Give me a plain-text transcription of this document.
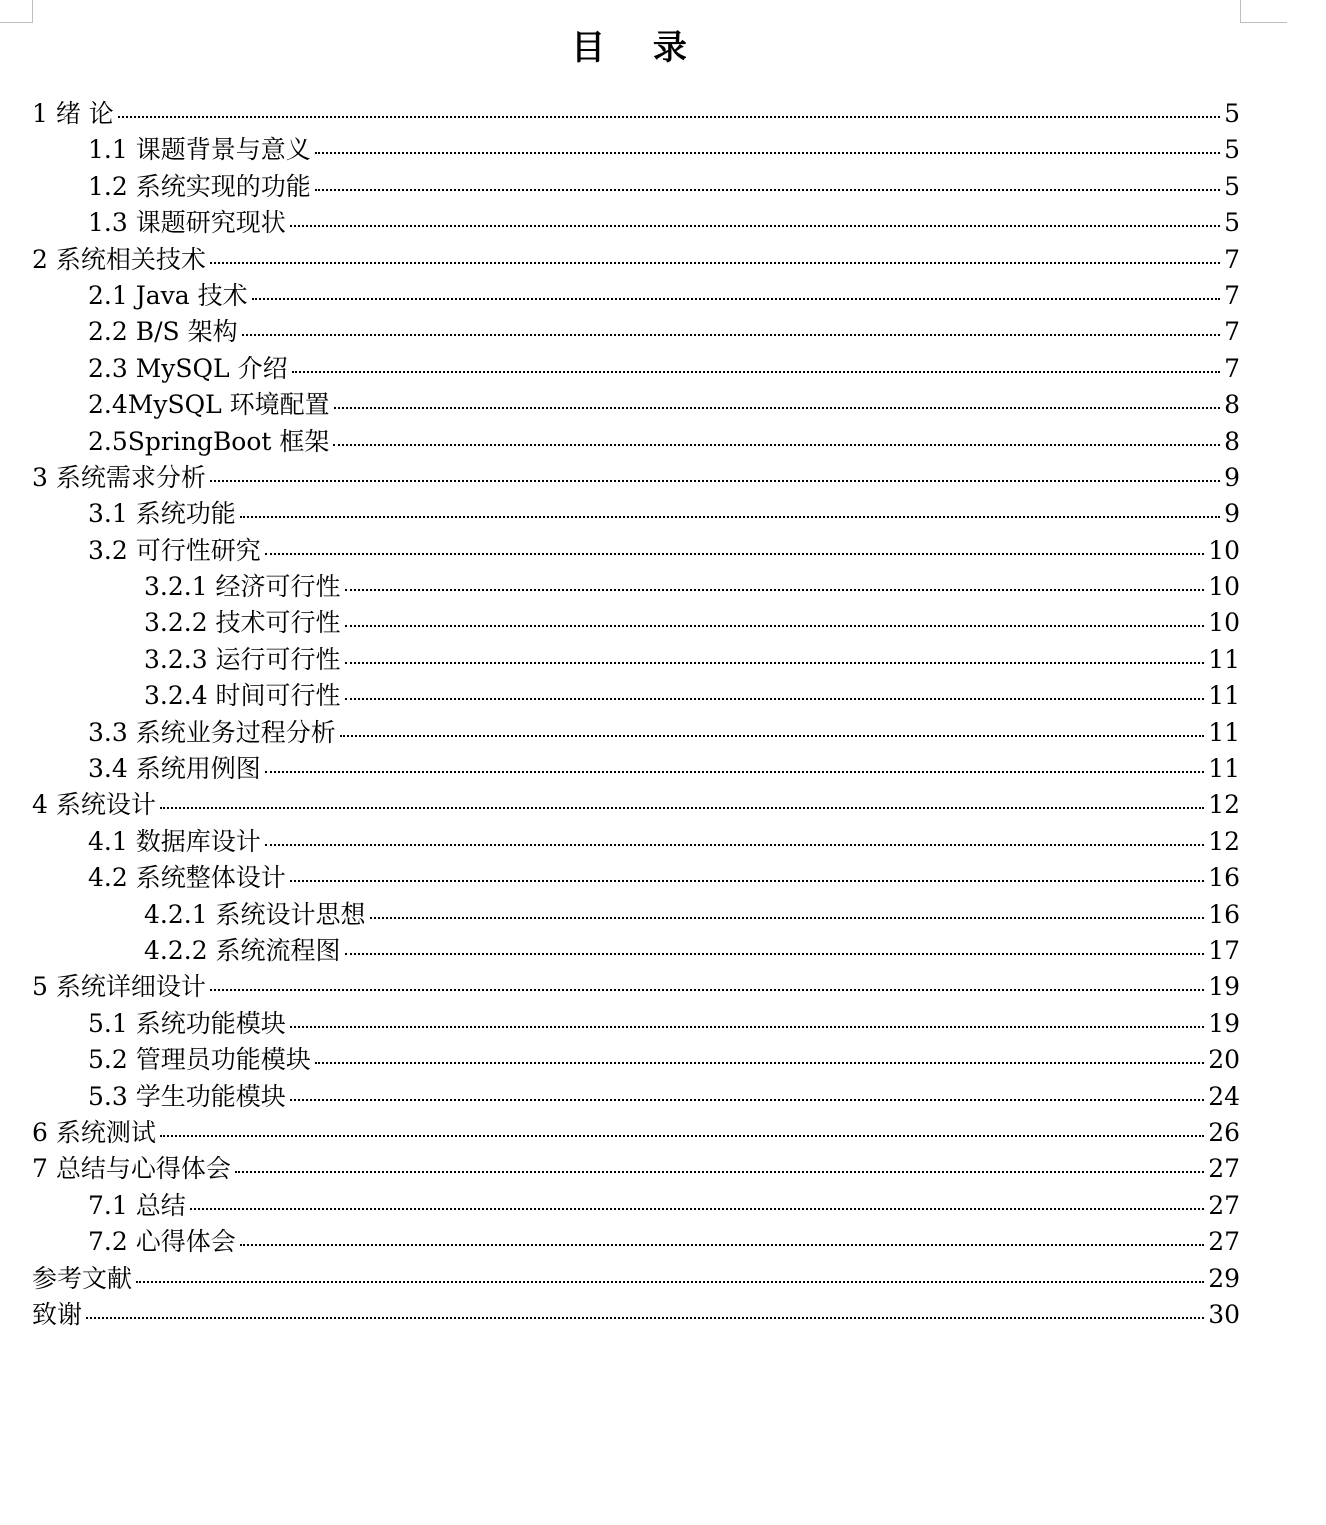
目 录
1 绪 论	5
1.1 课题背景与意义	5
1.2 系统实现的功能	5
1.3 课题研究现状	5
2 系统相关技术	7
2.1 Java 技术	7
2.2 B/S 架构	7
2.3 MySQL 介绍	7
2.4MySQL 环境配置	8
2.5SpringBoot 框架	8
3 系统需求分析	9
3.1 系统功能	9
3.2 可行性研究	10
3.2.1 经济可行性	10
3.2.2 技术可行性	10
3.2.3 运行可行性	11
3.2.4 时间可行性	11
3.3 系统业务过程分析	11
3.4 系统用例图	11
4 系统设计	12
4.1 数据库设计	12
4.2 系统整体设计	16
4.2.1 系统设计思想	16
4.2.2 系统流程图	17
5 系统详细设计	19
5.1 系统功能模块	19
5.2 管理员功能模块	20
5.3 学生功能模块	24
6 系统测试	26
7 总结与心得体会	27
7.1 总结	27
7.2 心得体会	27
参考文献	29
致谢	30
